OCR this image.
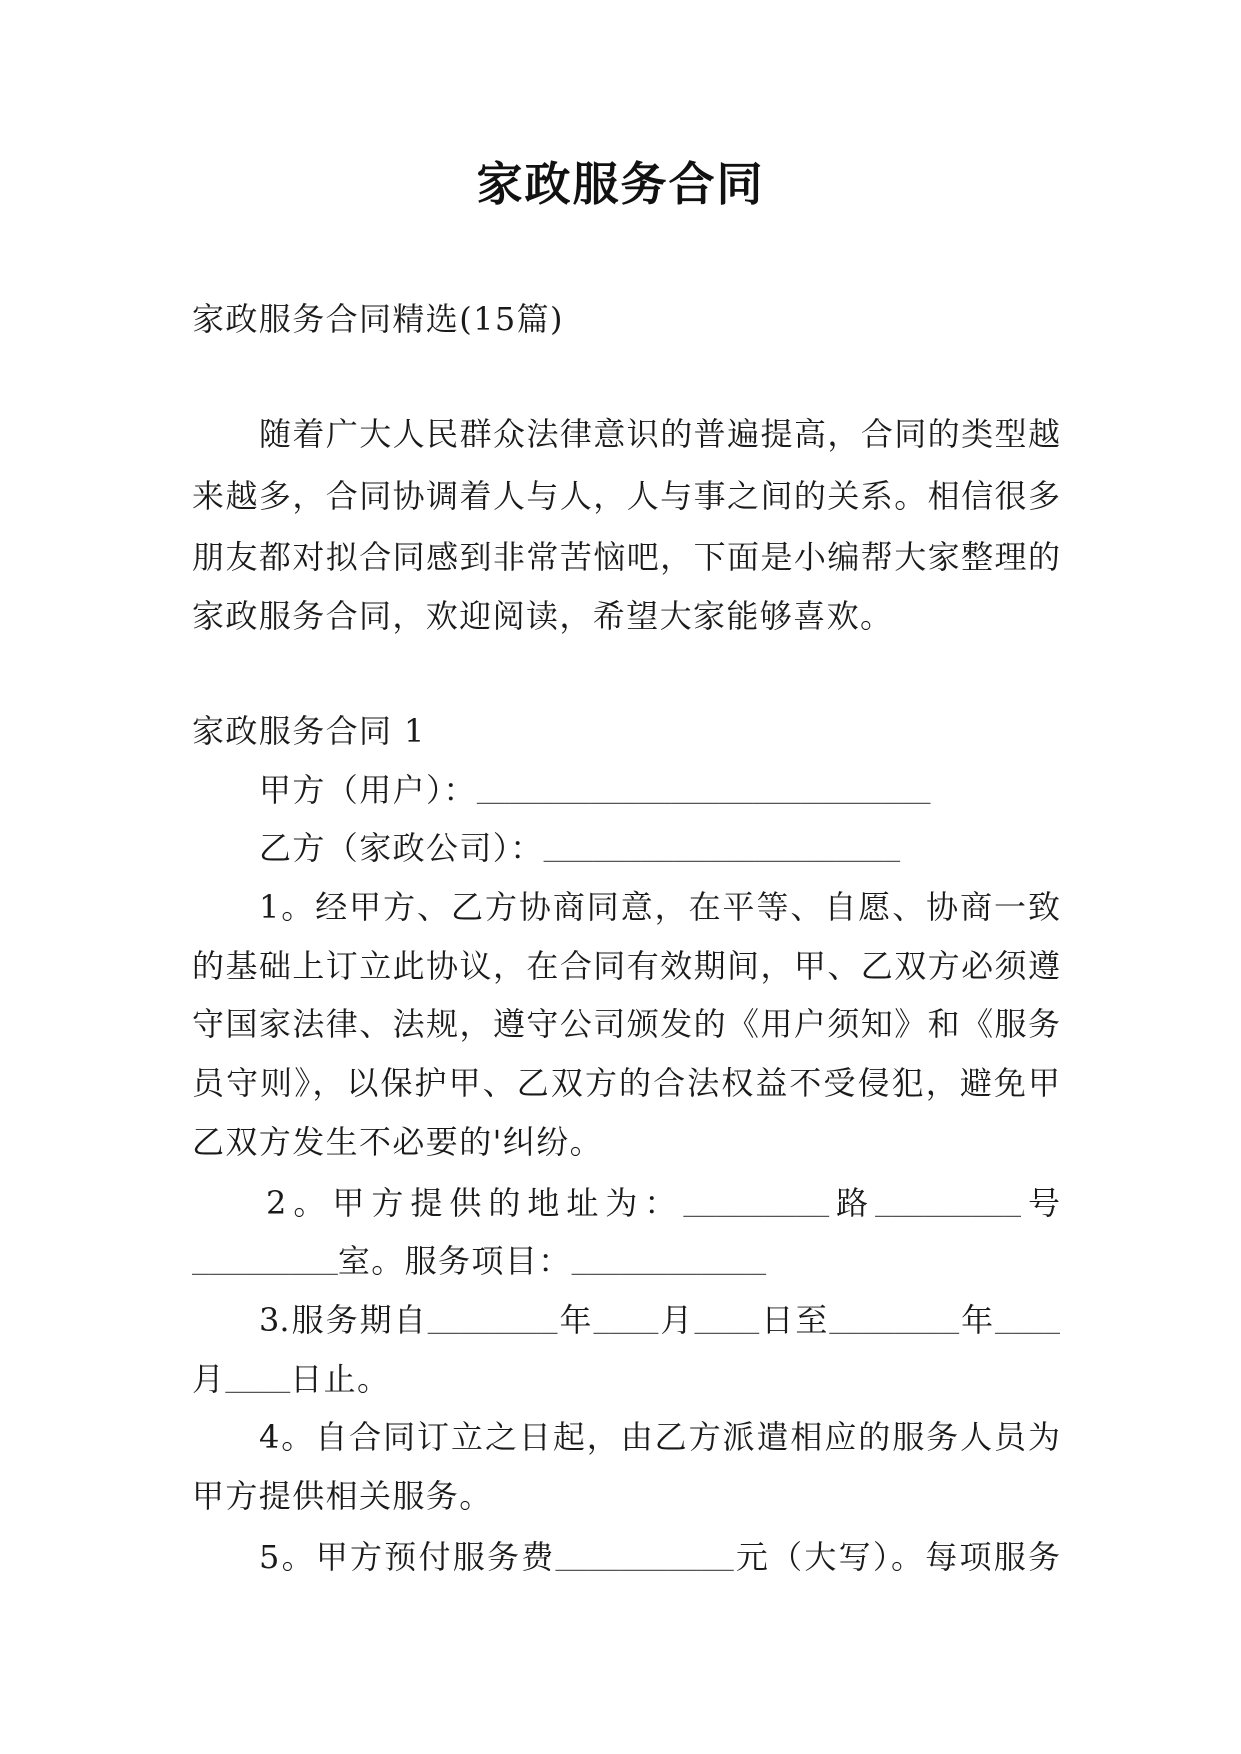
家政服务合同
家政服务合同精选(15篇)
随着广大人民群众法律意识的普遍提高，合同的类型越
来越多，合同协调着人与人，人与事之间的关系。相信很多
朋友都对拟合同感到非常苦恼吧，下面是小编帮大家整理的
家政服务合同，欢迎阅读，希望大家能够喜欢。
家政服务合同 1
甲方（用户）：____________________________
乙方（家政公司）：______________________
1。经甲方、乙方协商同意，在平等、自愿、协商一致
的基础上订立此协议，在合同有效期间，甲、乙双方必须遵
守国家法律、法规，遵守公司颁发的《用户须知》和《服务
员守则》，以保护甲、乙双方的合法权益不受侵犯，避免甲
乙双方发生不必要的'纠纷。
2。甲方提供的地址为：_________路_________号
_________室。服务项目：____________
3.服务期自________年____月____日至________年____
月____日止。
4。自合同订立之日起，由乙方派遣相应的服务人员为
甲方提供相关服务。
5。甲方预付服务费___________元（大写）。每项服务
